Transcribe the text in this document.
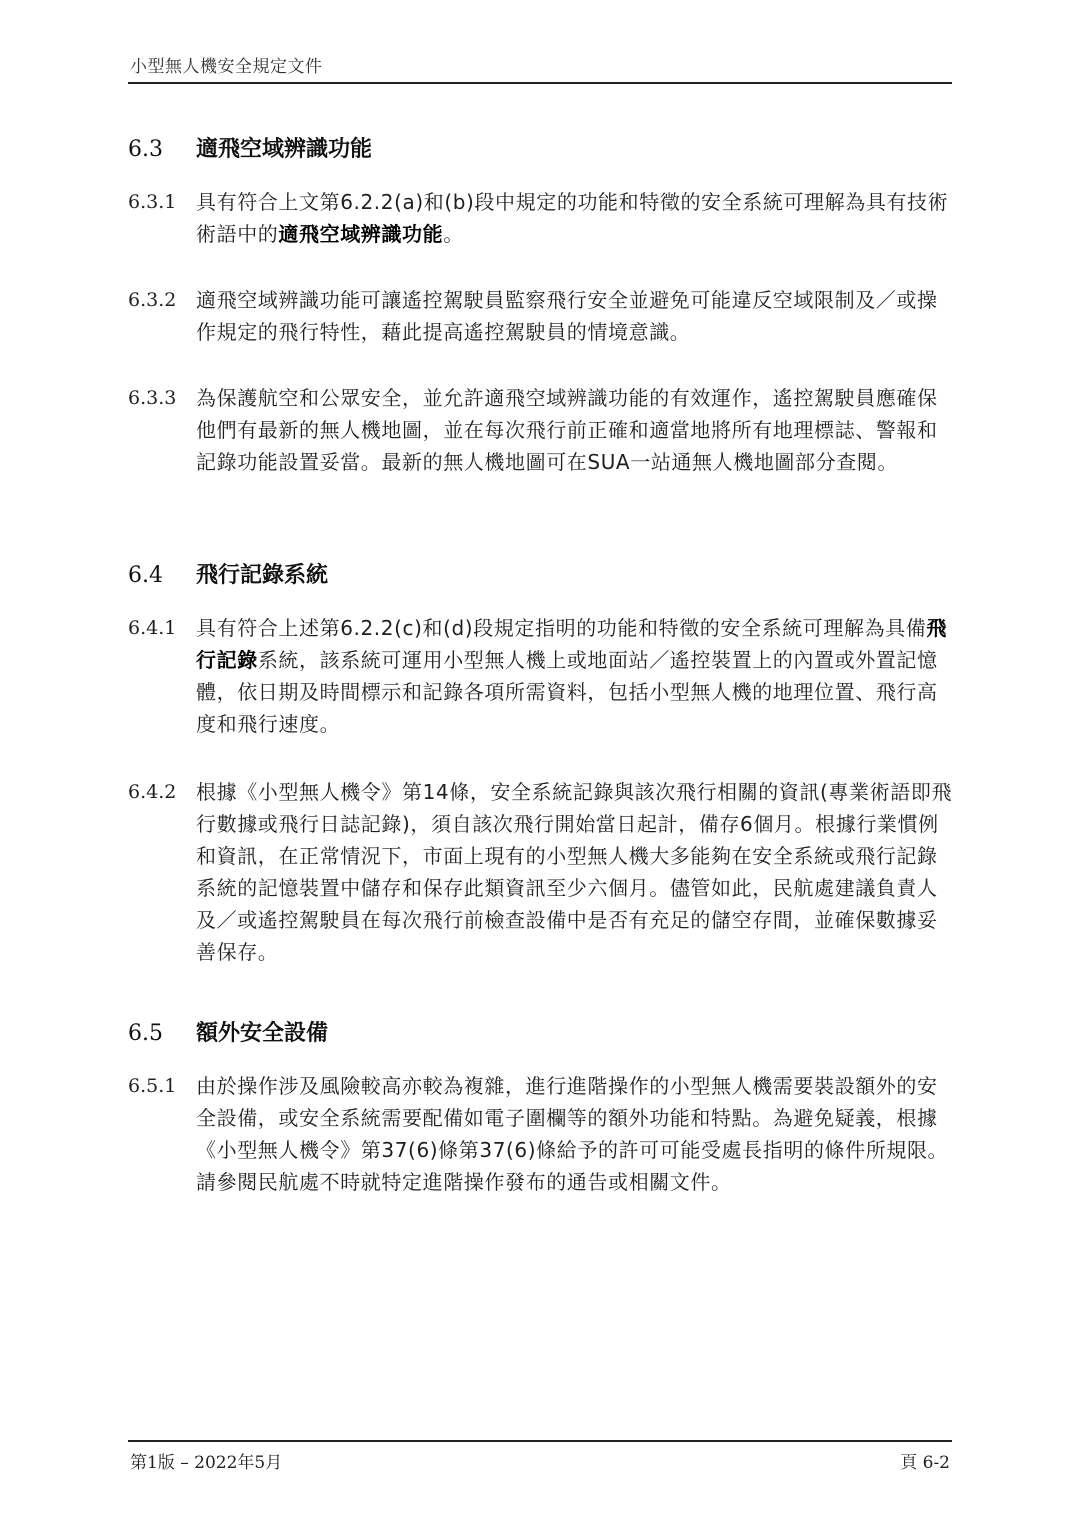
小型無人機安全規定文件
6.3 適飛空域辨識功能
6.3.1 具有符合上文第6.2.2(a)和(b)段中規定的功能和特徵的安全系統可理解為具有技術術語中的適飛空域辨識功能。
6.3.2 適飛空域辨識功能可讓遙控駕駛員監察飛行安全並避免可能違反空域限制及／或操作規定的飛行特性，藉此提高遙控駕駛員的情境意識。
6.3.3 為保護航空和公眾安全，並允許適飛空域辨識功能的有效運作，遙控駕駛員應確保他們有最新的無人機地圖，並在每次飛行前正確和適當地將所有地理標誌、警報和記錄功能設置妥當。最新的無人機地圖可在SUA一站通無人機地圖部分查閱。
6.4 飛行記錄系統
6.4.1 具有符合上述第6.2.2(c)和(d)段規定指明的功能和特徵的安全系統可理解為具備飛行記錄系統，該系統可運用小型無人機上或地面站／遙控裝置上的內置或外置記憶體，依日期及時間標示和記錄各項所需資料，包括小型無人機的地理位置、飛行高度和飛行速度。
6.4.2 根據《小型無人機令》第14條，安全系統記錄與該次飛行相關的資訊(專業術語即飛行數據或飛行日誌記錄)，須自該次飛行開始當日起計，備存6個月。根據行業慣例和資訊，在正常情況下，市面上現有的小型無人機大多能夠在安全系統或飛行記錄系統的記憶裝置中儲存和保存此類資訊至少六個月。儘管如此，民航處建議負責人及／或遙控駕駛員在每次飛行前檢查設備中是否有充足的儲空存間，並確保數據妥善保存。
6.5 額外安全設備
6.5.1 由於操作涉及風險較高亦較為複雜，進行進階操作的小型無人機需要裝設額外的安全設備，或安全系統需要配備如電子圍欄等的額外功能和特點。為避免疑義，根據《小型無人機令》第37(6)條第37(6)條給予的許可可能受處長指明的條件所規限。請參閱民航處不時就特定進階操作發布的通告或相關文件。
第1版 – 2022年5月	頁 6-2
